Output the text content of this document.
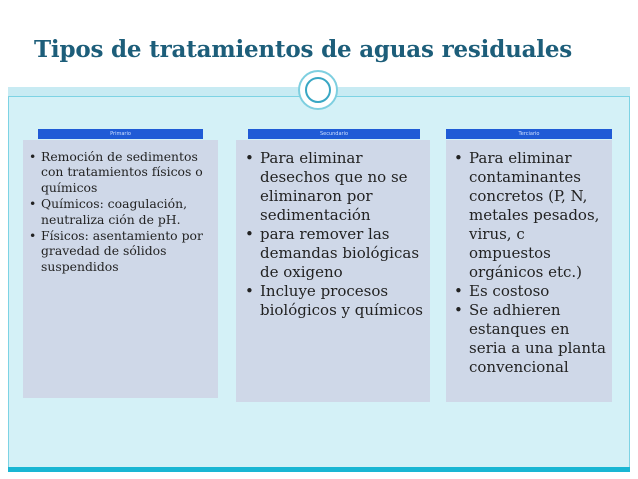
Tipos de tratamientos de aguas residuales
Primario
• Remoción de sedimentos con tratamientos físicos o químicos
• Químicos: coagulación, neutraliza ción de pH.
• Físicos: asentamiento por gravedad de sólidos suspendidos
Secundario
• Para eliminar desechos que no se eliminaron por sedimentación
• para remover las demandas biológicas de oxigeno
• Incluye procesos biológicos y químicos
Terciario
• Para eliminar contaminantes concretos (P, N, metales pesados, virus, c ompuestos orgánicos etc.)
• Es costoso
• Se adhieren estanques en seria a una planta convencional
